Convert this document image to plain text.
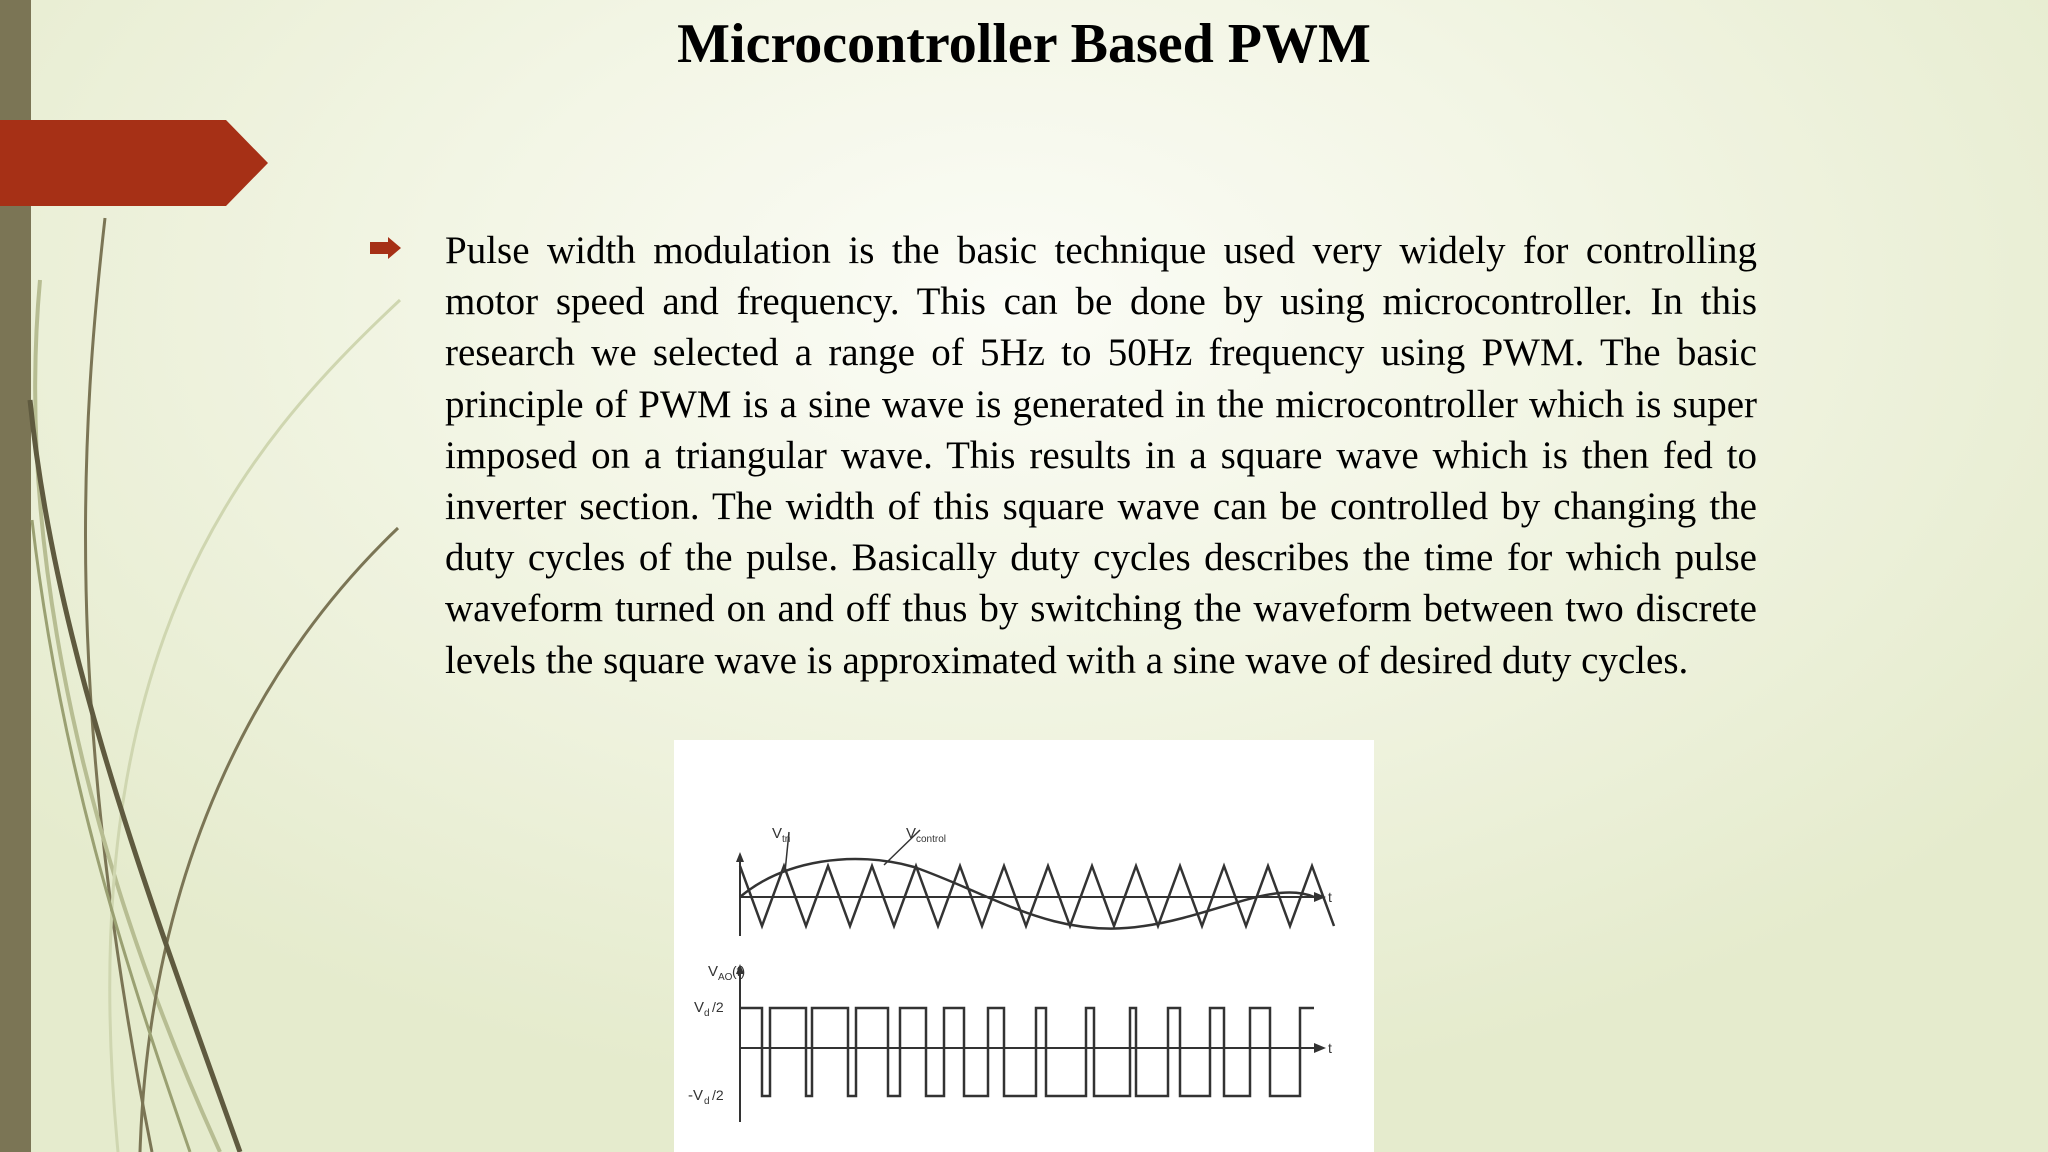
Microcontroller Based PWM

Pulse width modulation is the basic technique used very widely for controlling motor speed and frequency. This can be done by using microcontroller. In this research we selected a range of 5Hz to 50Hz frequency using PWM. The basic principle of PWM is a sine wave is generated in the microcontroller which is super imposed on a triangular wave. This results in a square wave which is then fed to inverter section. The width of this square wave can be controlled by changing the duty cycles of the pulse. Basically duty cycles describes the time for which pulse waveform turned on and off thus by switching the waveform between two discrete levels the square wave is approximated with a sine wave of desired duty cycles.

V tri	V control
t
V AO (t)
V d /2
-V d /2
t
